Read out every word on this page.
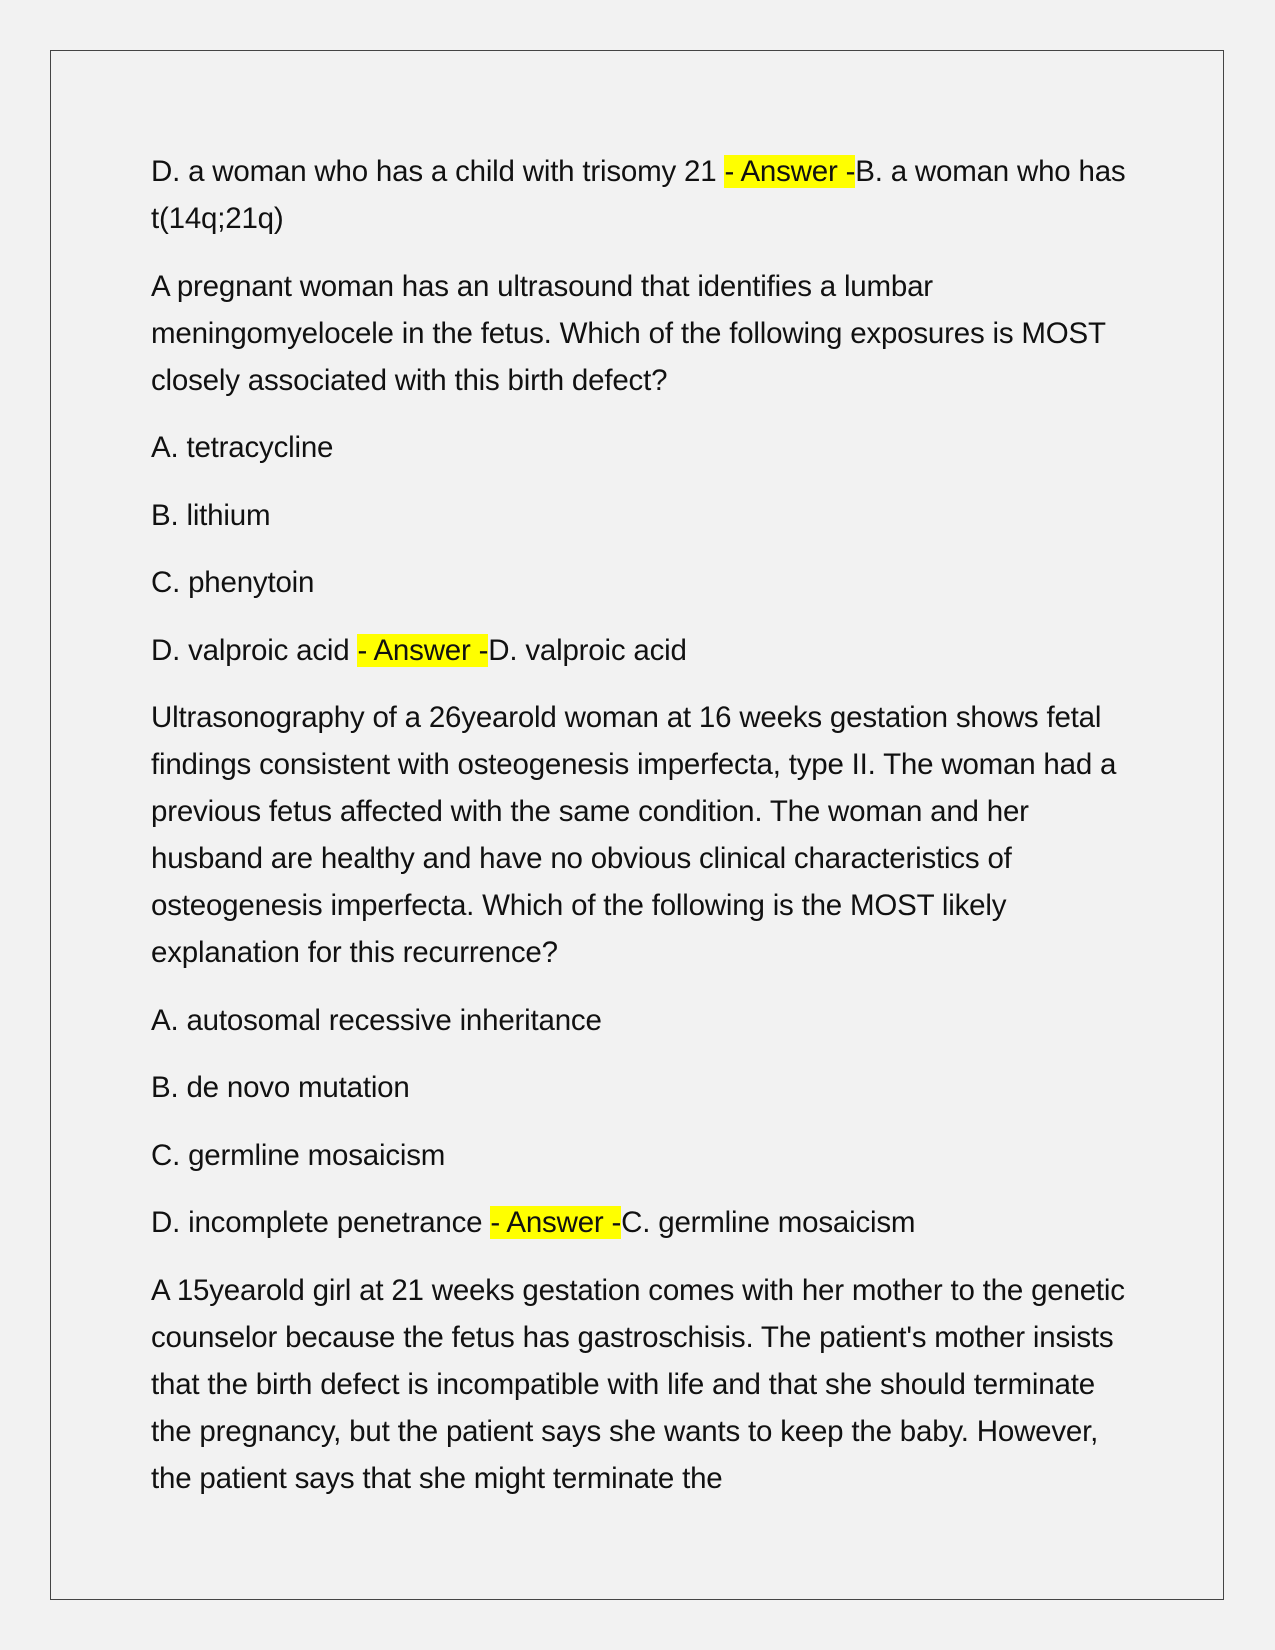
D. a woman who has a child with trisomy 21 - Answer -B. a woman who has t(14q;21q)

A pregnant woman has an ultrasound that identifies a lumbar meningomyelocele in the fetus. Which of the following exposures is MOST closely associated with this birth defect?

A. tetracycline

B. lithium

C. phenytoin

D. valproic acid - Answer -D. valproic acid

Ultrasonography of a 26yearold woman at 16 weeks gestation shows fetal findings consistent with osteogenesis imperfecta, type II. The woman had a previous fetus affected with the same condition. The woman and her husband are healthy and have no obvious clinical characteristics of osteogenesis imperfecta. Which of the following is the MOST likely explanation for this recurrence?

A. autosomal recessive inheritance

B. de novo mutation

C. germline mosaicism

D. incomplete penetrance - Answer -C. germline mosaicism

A 15yearold girl at 21 weeks gestation comes with her mother to the genetic counselor because the fetus has gastroschisis. The patient's mother insists that the birth defect is incompatible with life and that she should terminate the pregnancy, but the patient says she wants to keep the baby. However, the patient says that she might terminate the
